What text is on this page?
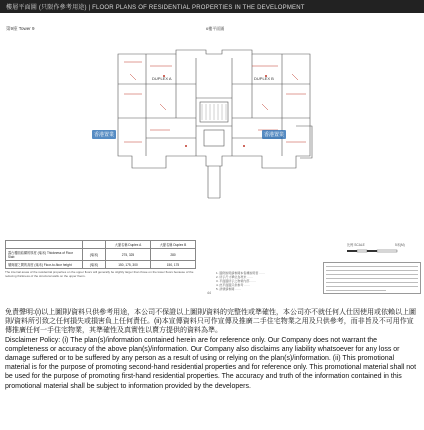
樓層平面圖 (只限作參考用途) | FLOOR PLANS OF RESIDENTIAL PROPERTIES IN THE DEVELOPMENT
第9座 Tower 9	6樓平面圖
DUPLEX A	DUPLEX B
香港置業	香港置業
		大廈名稱 Duplex A	大廈名稱 Duplex B
露台樓面結構的厚度 (毫米) Thickness of Floor Slab	(毫米)	275, 325	280
層與層之間的高度 (毫米) Floor-to-floor height	(毫米)	150, 175, 300	150, 175
The internal areas of the residential properties on the upper floors will generally be slightly larger than those on the lower floors because of the reducing thickness of the structural walls on the upper floors.
44
比例 SCALE	5米(M)
1. 圖例說明請參閱本售樓說明書 ……
2. 所示尺寸單位為毫米 ……
3. 平面圖所示之物業內部 ……
4. 此平面圖只供參考 ……
5. 詳情請參閱 ……

免責聲明:(i)以上圖則/資料只供參考用途，本公司不保證以上圖則/資料的完整性或準確性，本公司亦不就任何人仕因使用或依賴以上圖則/資料所引致之任何損失或損害負上任何責任。(ii)本宣傳資料只可作宣傳及推廣二手住宅物業之用及只供參考，而非旨及不可用作宣傳推廣任何一手住宅物業，其準確性及真實性以賣方提供的資料為準。

Disclaimer Policy: (i) The plan(s)/information contained herein are for reference only. Our Company does not warrant the completeness or accuracy of the above plan(s)/information. Our Company also disclaims any liability whatsoever for any loss or damage suffered or to be suffered by any person as a result of using or relying on the plan(s)/information. (ii) This promotional material is for the purpose of promoting second-hand residential properties and for reference only. This promotional material shall not be used for the purpose of promoting first-hand residential properties. The accuracy and truth of the information contained in this promotional material shall be subject to information provided by the developers.
